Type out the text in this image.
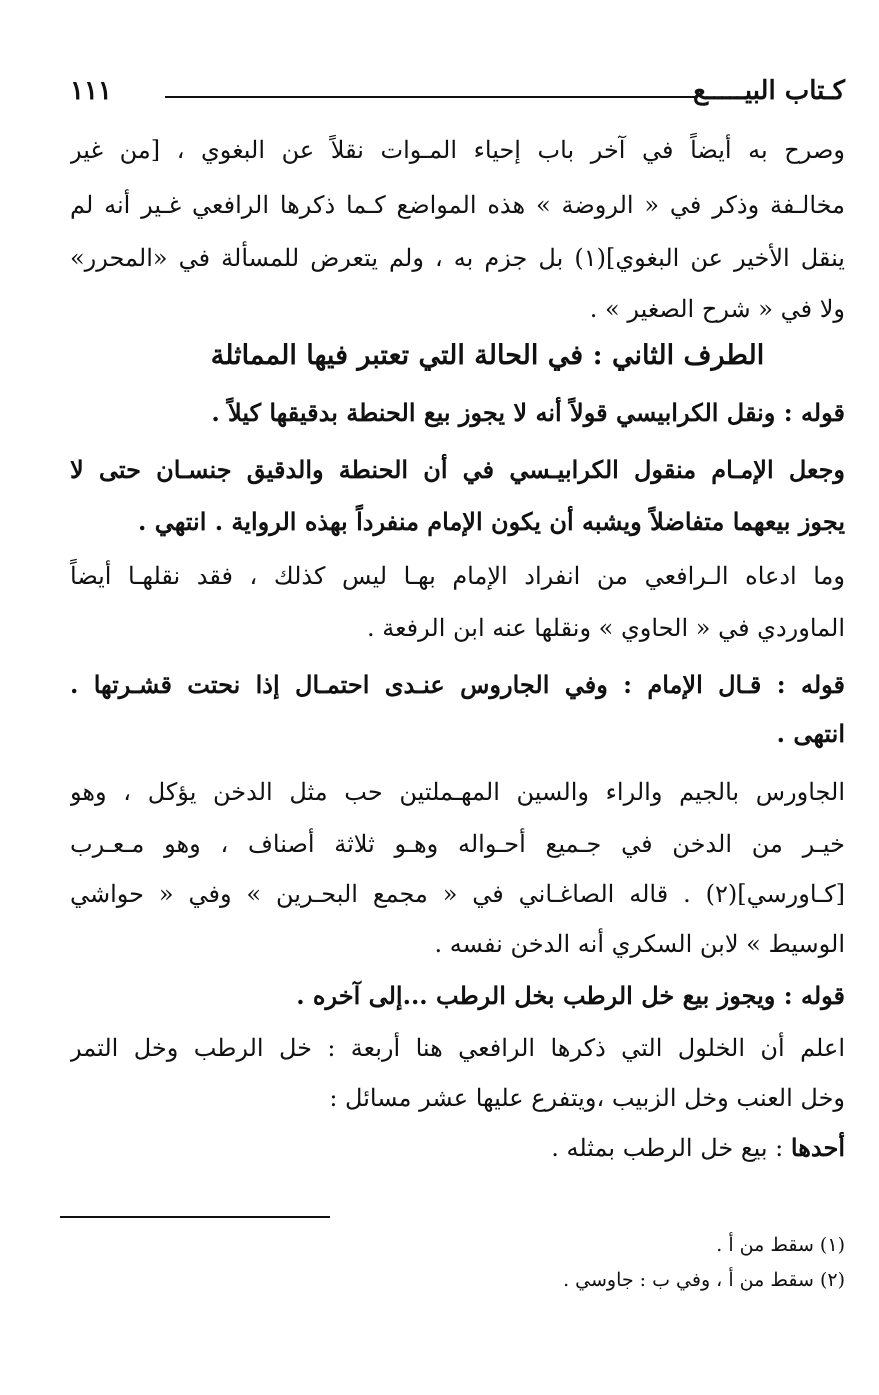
كـتاب البيـــــع
١١١
وصرح به أيضاً في آخر باب إحياء المـوات نقلاً عن البغوي ، [من غير
مخالـفة وذكر في « الروضة » هذه المواضع كـما ذكرها الرافعي غـير أنه لم
ينقل الأخير عن البغوي](١) بل جزم به ، ولم يتعرض للمسألة في «المحرر»
ولا في « شرح الصغير » .
الطرف الثاني : في الحالة التي تعتبر فيها المماثلة
قوله : ونقل الكرابيسي قولاً أنه لا يجوز بيع الحنطة بدقيقها كيلاً .
وجعل الإمـام منقول الكرابيـسي في أن الحنطة والدقيق جنسـان حتى لا
يجوز بيعهما متفاضلاً ويشبه أن يكون الإمام منفرداً بهذه الرواية . انتهي .
وما ادعاه الـرافعي من انفراد الإمام بهـا ليس كذلك ، فقد نقلهـا أيضاً
الماوردي في « الحاوي » ونقلها عنه ابن الرفعة .
قوله : قـال الإمام : وفي الجاروس عنـدى احتمـال إذا نحتت قشـرتها .
انتهى .
الجاورس بالجيم والراء والسين المهـملتين حب مثل الدخن يؤكل ، وهو
خيـر من الدخن في جـميع أحـواله وهـو ثلاثة أصناف ، وهو مـعـرب
[كـاورسي](٢) . قاله الصاغـاني في « مجمع البحـرين » وفي « حواشي
الوسيط » لابن السكري أنه الدخن نفسه .
قوله : ويجوز بيع خل الرطب بخل الرطب ...إلى آخره .
اعلم أن الخلول التي ذكرها الرافعي هنا أربعة : خل الرطب وخل التمر
وخل العنب وخل الزبيب ،ويتفرع عليها عشر مسائل :
أحدها : بيع خل الرطب بمثله .
(١) سقط من أ .
(٢) سقط من أ ، وفي ب : جاوسي .
